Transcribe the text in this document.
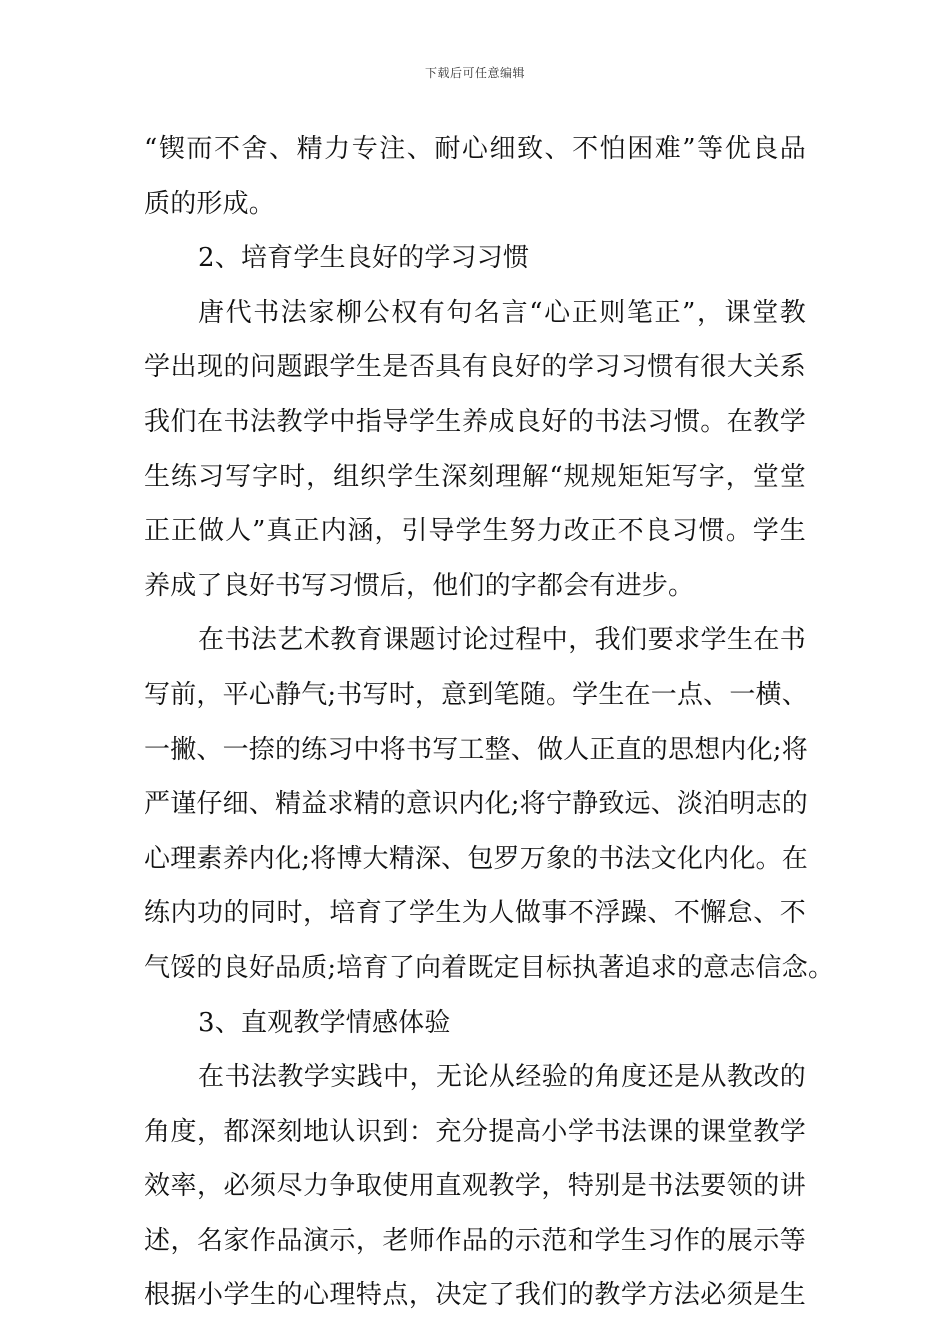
下载后可任意编辑
“锲而不舍、精力专注、耐心细致、不怕困难”等优良品
质的形成。
2、培育学生良好的学习习惯
唐代书法家柳公权有句名言“心正则笔正”，课堂教
学出现的问题跟学生是否具有良好的学习习惯有很大关系
我们在书法教学中指导学生养成良好的书法习惯。在教学
生练习写字时，组织学生深刻理解“规规矩矩写字，堂堂
正正做人”真正内涵，引导学生努力改正不良习惯。学生
养成了良好书写习惯后，他们的字都会有进步。
在书法艺术教育课题讨论过程中，我们要求学生在书
写前，平心静气;书写时，意到笔随。学生在一点、一横、
一撇、一捺的练习中将书写工整、做人正直的思想内化;将
严谨仔细、精益求精的意识内化;将宁静致远、淡泊明志的
心理素养内化;将博大精深、包罗万象的书法文化内化。在
练内功的同时，培育了学生为人做事不浮躁、不懈怠、不
气馁的良好品质;培育了向着既定目标执著追求的意志信念。
3、直观教学情感体验
在书法教学实践中，无论从经验的角度还是从教改的
角度，都深刻地认识到：充分提高小学书法课的课堂教学
效率，必须尽力争取使用直观教学，特别是书法要领的讲
述，名家作品演示，老师作品的示范和学生习作的展示等
根据小学生的心理特点，决定了我们的教学方法必须是生
